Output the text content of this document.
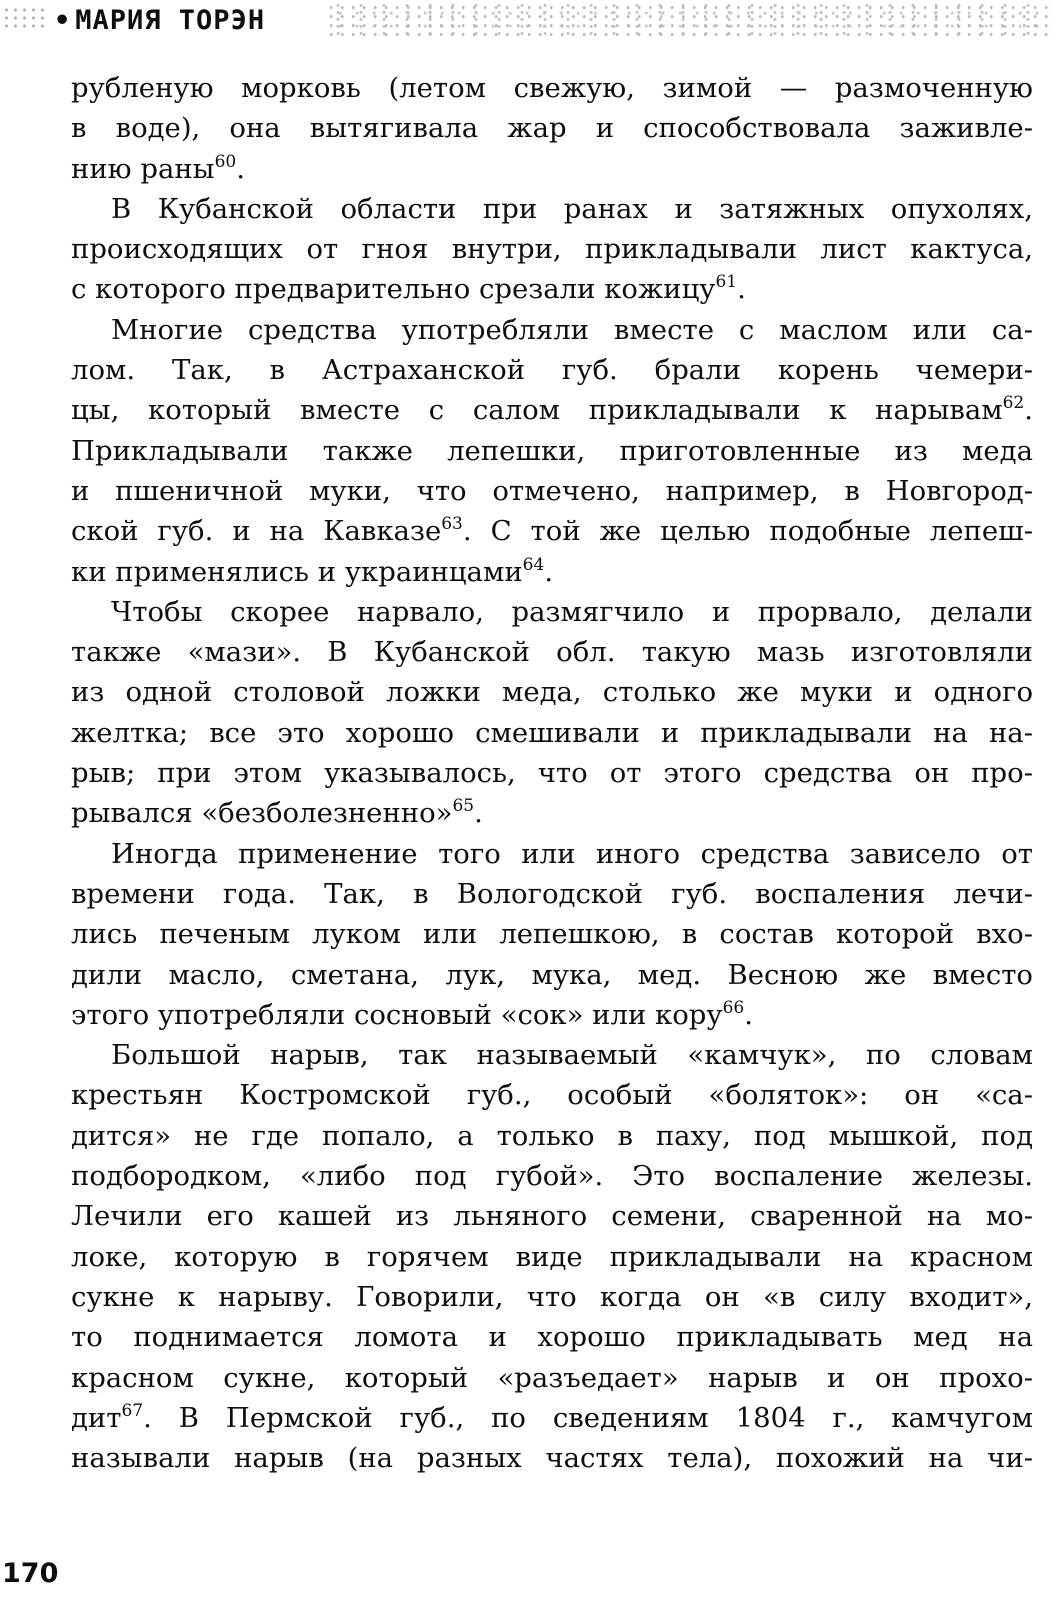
• МАРИЯ ТОРЭН
рубленую морковь (летом свежую, зимой — размоченную
в воде), она вытягивала жар и способствовала заживле-
нию раны$^{60}$.
В Кубанской области при ранах и затяжных опухолях,
происходящих от гноя внутри, прикладывали лист кактуса,
с которого предварительно срезали кожицу$^{61}$.
Многие средства употребляли вместе с маслом или са-
лом. Так, в Астраханской губ. брали корень чемери-
цы, который вместе с салом прикладывали к нарывам$^{62}$.
Прикладывали также лепешки, приготовленные из меда
и пшеничной муки, что отмечено, например, в Новгород-
ской губ. и на Кавказе$^{63}$. С той же целью подобные лепеш-
ки применялись и украинцами$^{64}$.
Чтобы скорее нарвало, размягчило и прорвало, делали
также «мази». В Кубанской обл. такую мазь изготовляли
из одной столовой ложки меда, столько же муки и одного
желтка; все это хорошо смешивали и прикладывали на на-
рыв; при этом указывалось, что от этого средства он про-
рывался «безболезненно»$^{65}$.
Иногда применение того или иного средства зависело от
времени года. Так, в Вологодской губ. воспаления лечи-
лись печеным луком или лепешкою, в состав которой вхо-
дили масло, сметана, лук, мука, мед. Весною же вместо
этого употребляли сосновый «сок» или кору$^{66}$.
Большой нарыв, так называемый «камчук», по словам
крестьян Костромской губ., особый «боляток»: он «са-
дится» не где попало, а только в паху, под мышкой, под
подбородком, «либо под губой». Это воспаление железы.
Лечили его кашей из льняного семени, сваренной на мо-
локе, которую в горячем виде прикладывали на красном
сукне к нарыву. Говорили, что когда он «в силу входит»,
то поднимается ломота и хорошо прикладывать мед на
красном сукне, который «разъедает» нарыв и он прохо-
дит$^{67}$. В Пермской губ., по сведениям 1804 г., камчугом
называли нарыв (на разных частях тела), похожий на чи-
170
